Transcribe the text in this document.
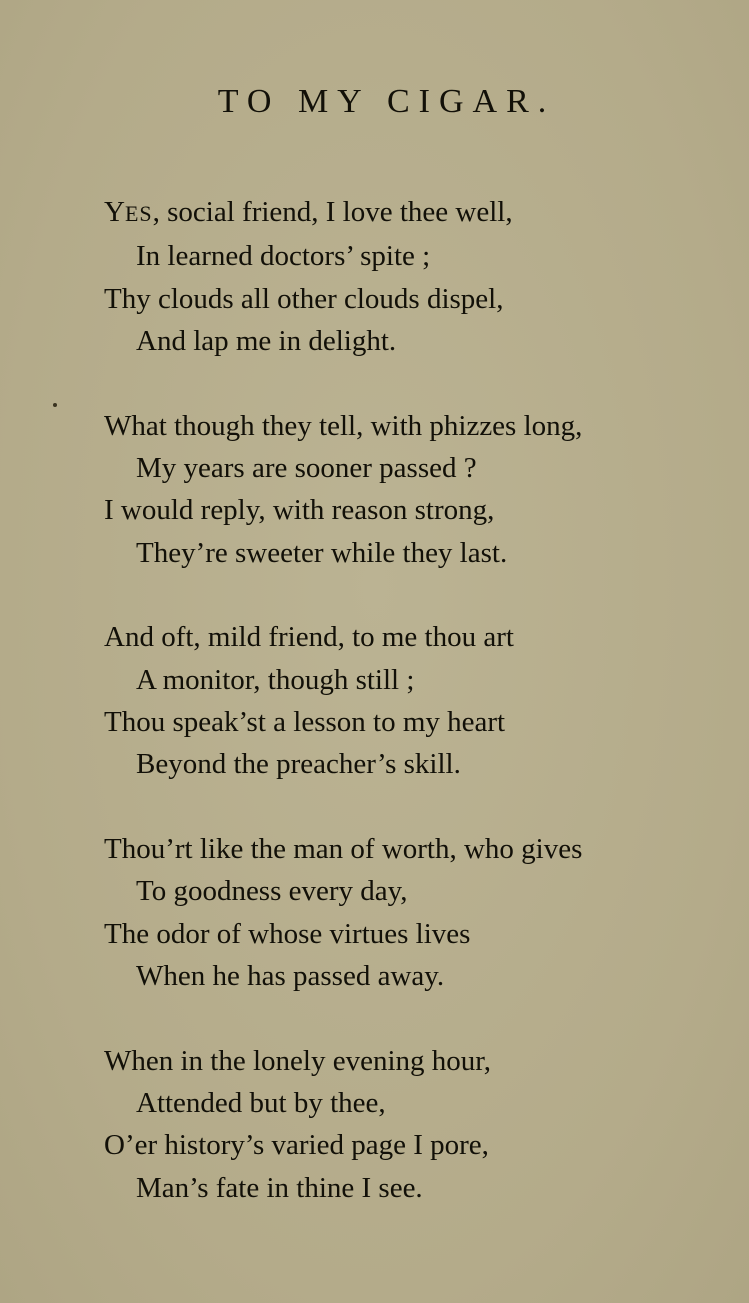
TO MY CIGAR.
YES, social friend, I love thee well,
In learned doctors’ spite ;
Thy clouds all other clouds dispel,
And lap me in delight.
What though they tell, with phizzes long,
My years are sooner passed ?
I would reply, with reason strong,
They’re sweeter while they last.
And oft, mild friend, to me thou art
A monitor, though still ;
Thou speak’st a lesson to my heart
Beyond the preacher’s skill.
Thou’rt like the man of worth, who gives
To goodness every day,
The odor of whose virtues lives
When he has passed away.
When in the lonely evening hour,
Attended but by thee,
O’er history’s varied page I pore,
Man’s fate in thine I see.
